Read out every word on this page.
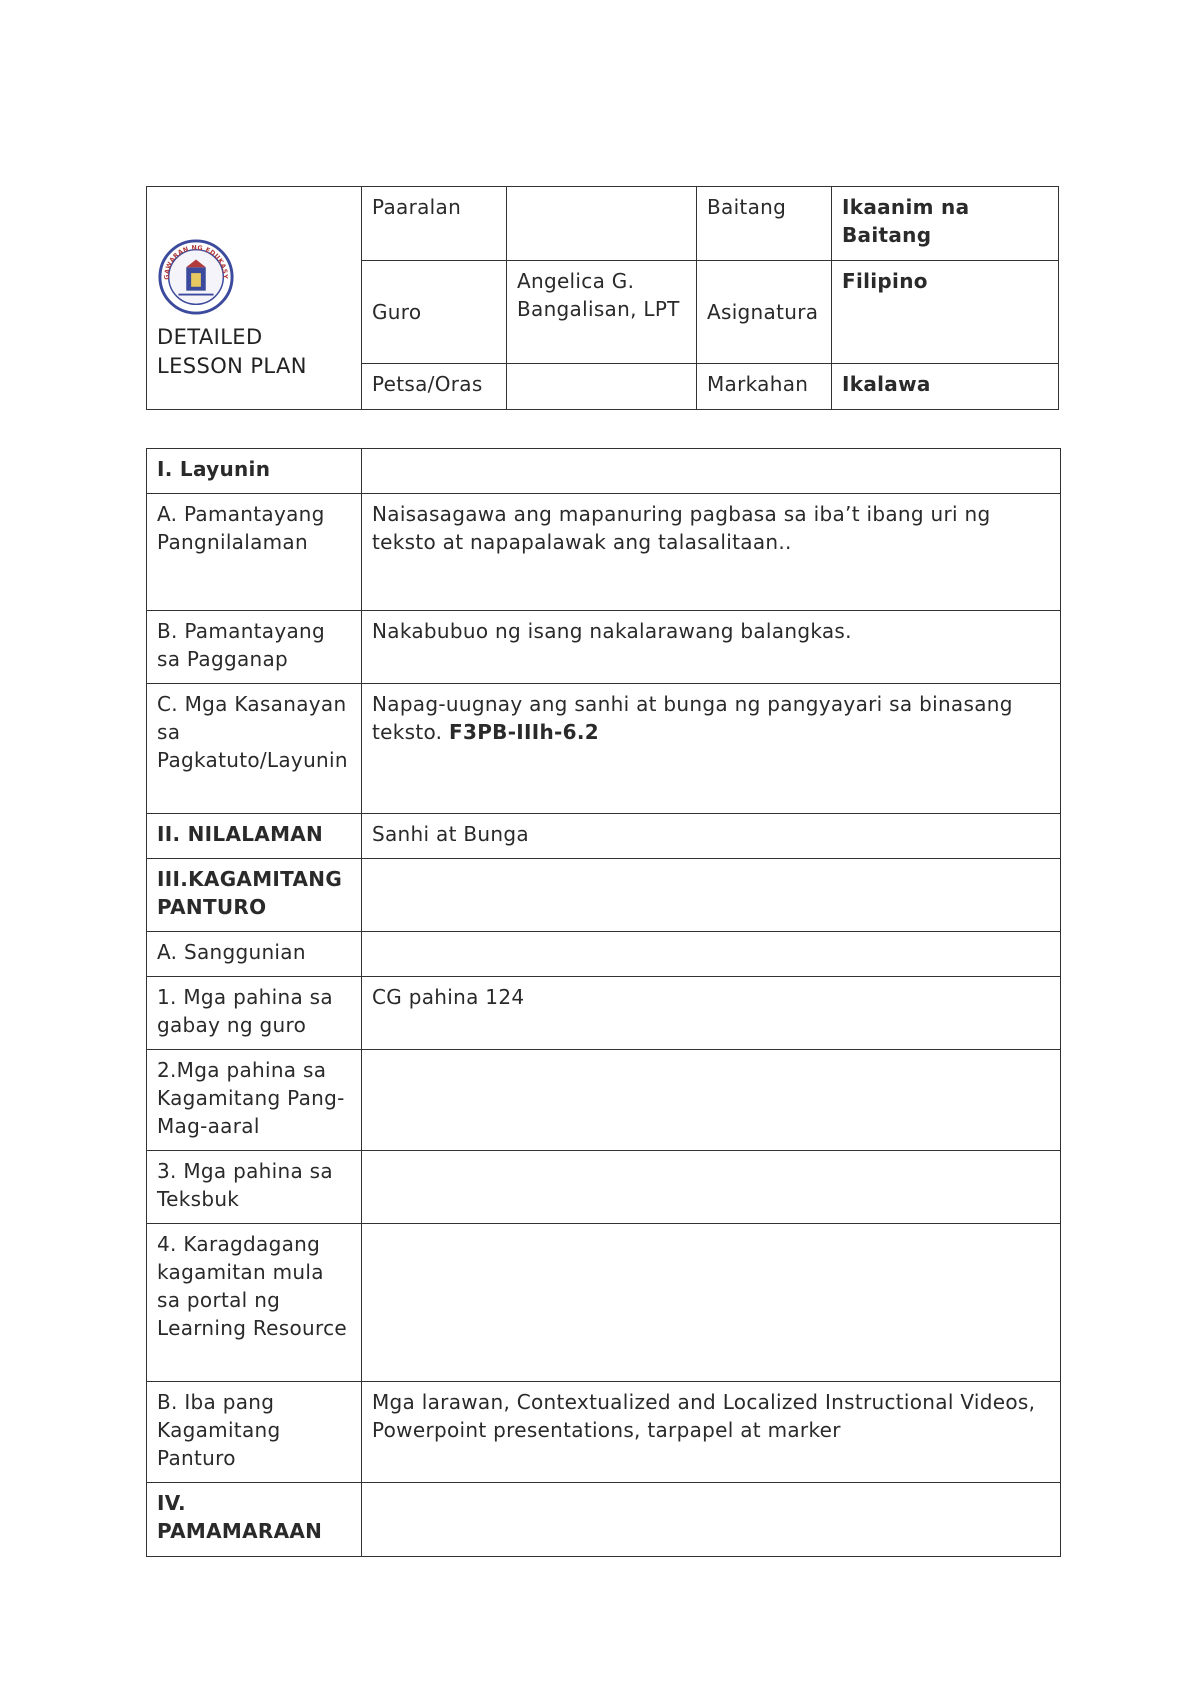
GAWARAN NG EDUKASY
DETAILED LESSON PLAN	Paaralan		Baitang	Ikaanim na Baitang
	Guro	Angelica G. Bangalisan, LPT	Asignatura	Filipino
	Petsa/Oras		Markahan	Ikalawa
I. Layunin	
A. Pamantayang Pangnilalaman	Naisasagawa ang mapanuring pagbasa sa iba’t ibang uri ng teksto at napapalawak ang talasalitaan..
B. Pamantayang sa Pagganap	Nakabubuo ng isang nakalarawang balangkas.
C. Mga Kasanayan sa Pagkatuto/Layunin	Napag-uugnay ang sanhi at bunga ng pangyayari sa binasang teksto. F3PB-IIIh-6.2
II. NILALAMAN	Sanhi at Bunga
III.KAGAMITANG PANTURO	
A. Sanggunian	
1. Mga pahina sa gabay ng guro	CG pahina 124
2.Mga pahina sa Kagamitang Pang- Mag-aaral	
3. Mga pahina sa Teksbuk	
4. Karagdagang kagamitan mula sa portal ng Learning Resource	
B. Iba pang Kagamitang Panturo	Mga larawan, Contextualized and Localized Instructional Videos, Powerpoint presentations, tarpapel at marker
IV. PAMAMARAAN	
